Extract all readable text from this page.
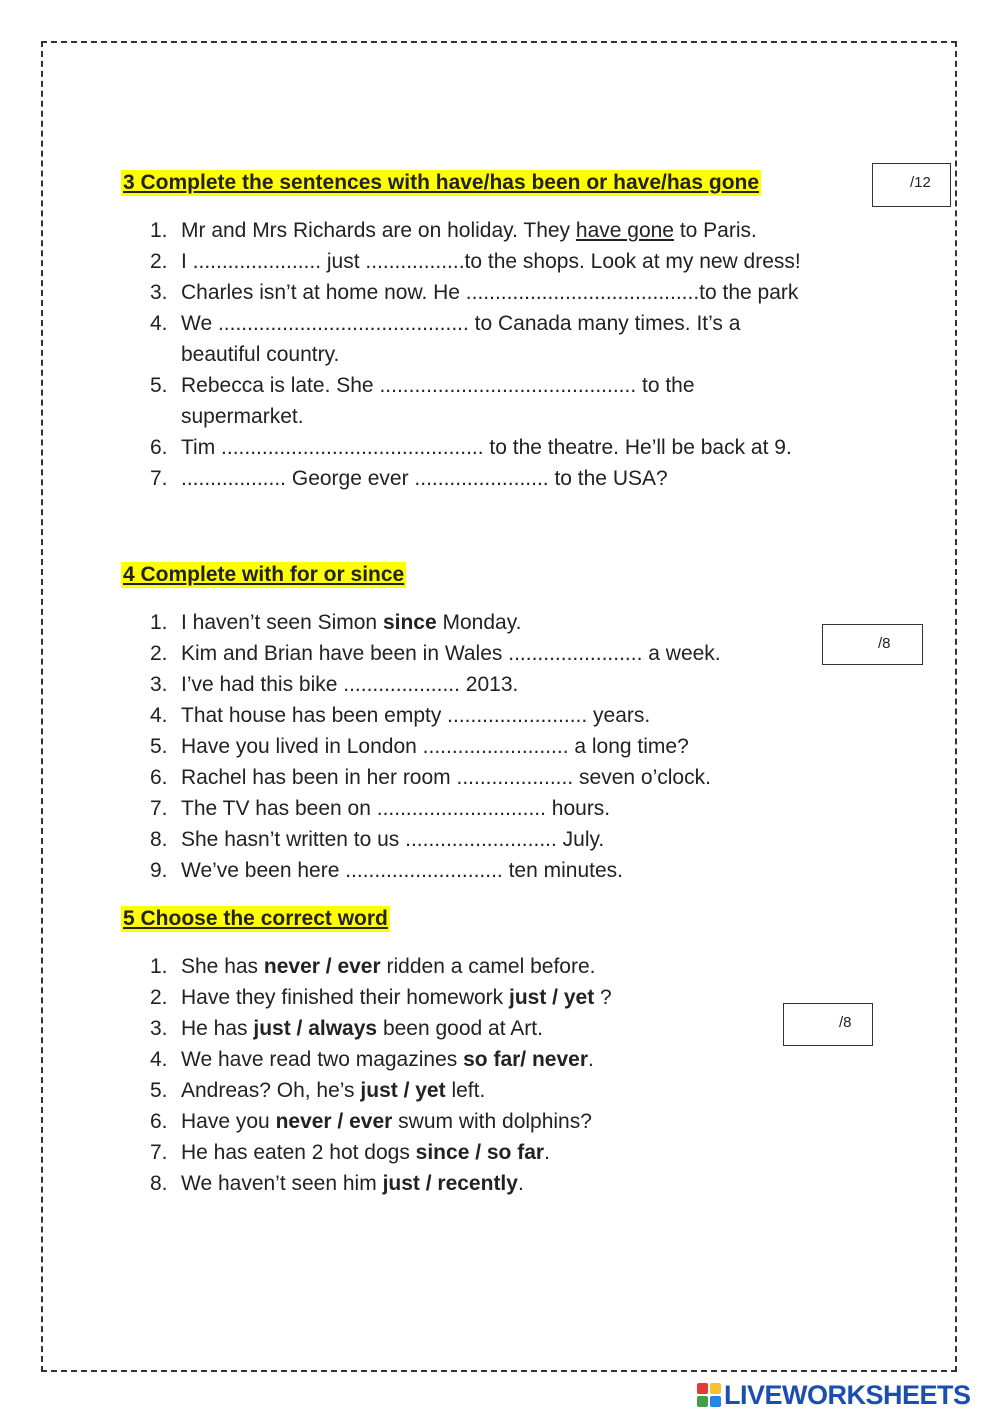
3 Complete the sentences with have/has been or have/has gone	/12
1. Mr and Mrs Richards are on holiday. They have gone to Paris.
2. I ...................... just .................to the shops. Look at my new dress!
3. Charles isn’t at home now. He ........................................to the park
4. We ........................................... to Canada many times. It’s a beautiful country.
5. Rebecca is late. She ............................................ to the supermarket.
6. Tim ............................................. to the theatre. He’ll be back at 9.
7. .................. George ever ....................... to the USA?
4 Complete with for or since
/8
1. I haven’t seen Simon since Monday.
2. Kim and Brian have been in Wales ....................... a week.
3. I’ve had this bike .................... 2013.
4. That house has been empty ........................ years.
5. Have you lived in London ......................... a long time?
6. Rachel has been in her room .................... seven o’clock.
7. The TV has been on ............................. hours.
8. She hasn’t written to us .......................... July.
9. We’ve been here ........................... ten minutes.
5 Choose the correct word
/8
1. She has never / ever ridden a camel before.
2. Have they finished their homework just / yet ?
3. He has just / always been good at Art.
4. We have read two magazines so far/ never.
5. Andreas? Oh, he’s just / yet left.
6. Have you never / ever swum with dolphins?
7. He has eaten 2 hot dogs since / so far.
8. We haven’t seen him just / recently.
LIVEWORKSHEETS
